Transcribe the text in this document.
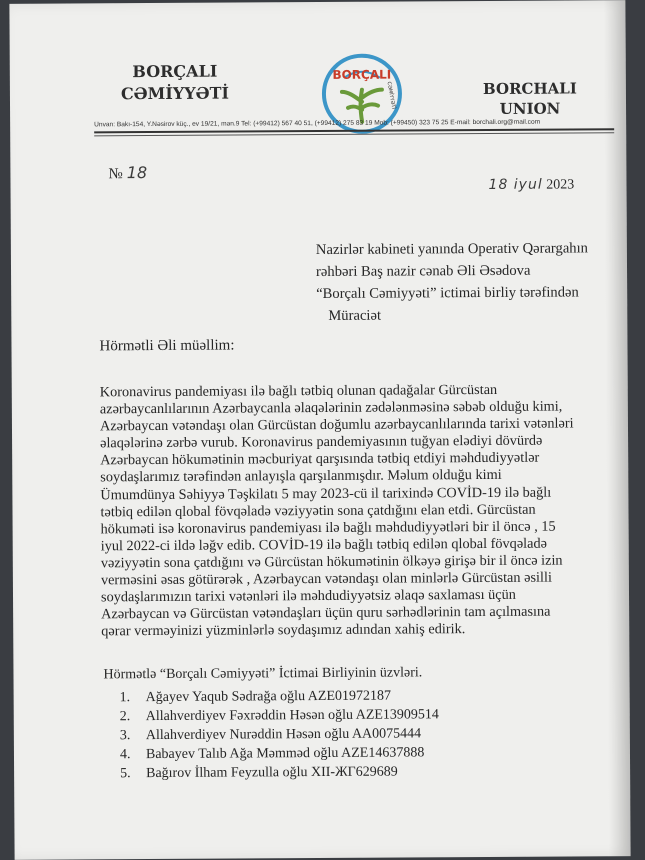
BORÇALI
CƏMİYYƏTİ
BORÇALI
CƏMİYYƏTİ	BORCHALI
UNION
Ünvan: Bakı-154, Y.Nəsirov küç., ev 19/21, mən.9 Tel: (+99412) 567 40 51, (+99412) 275 83 19 Mob: (+99450) 323 75 25 E-mail: borchali.org@mail.com
№ 18
18 iyul 2023
Nazirlər kabineti yanında Operativ Qərargahın
rəhbəri Baş nazir cənab Əli Əsədova
“Borçalı Cəmiyyəti” ictimai birliy tərəfindən
Müraciət
Hörmətli Əli müəllim:
Koronavirus pandemiyası ilə bağlı tətbiq olunan qadağalar Gürcüstan
azərbaycanlılarının Azərbaycanla əlaqələrinin zədələnməsinə səbəb olduğu kimi,
Azərbaycan vətəndaşı olan Gürcüstan doğumlu azərbaycanlılarında tarixi vətənləri
əlaqələrinə zərbə vurub. Koronavirus pandemiyasının tuğyan elədiyi dövürdə
Azərbaycan hökumətinin məcburiyat qarşısında tətbiq etdiyi məhdudiyyətlər
soydaşlarımız tərəfindən anlayışla qarşılanmışdır. Məlum olduğu kimi
Ümumdünya Səhiyyə Təşkilatı 5 may 2023-cü il tarixində COVİD-19 ilə bağlı
tətbiq edilən qlobal fövqəladə vəziyyətin sona çatdığını elan etdi. Gürcüstan
hökuməti isə koronavirus pandemiyası ilə bağlı məhdudiyyətləri bir il öncə , 15
iyul 2022-ci ildə ləğv edib. COVİD-19 ilə bağlı tətbiq edilən qlobal fövqəladə
vəziyyətin sona çatdığını və Gürcüstan hökumətinin ölkəyə girişə bir il öncə izin
verməsini əsas götürərək , Azərbaycan vətəndaşı olan minlərlə Gürcüstan əsilli
soydaşlarımızın tarixi vətənləri ilə məhdudiyyətsiz əlaqə saxlaması üçün
Azərbaycan və Gürcüstan vətəndaşları üçün quru sərhədlərinin tam açılmasına
qərar verməyinizi yüzminlərlə soydaşımız adından xahiş edirik.
Hörmətlə “Borçalı Cəmiyyəti” İctimai Birliyinin üzvləri.
1. Ağayev Yaqub Sədrağa oğlu AZE01972187
2. Allahverdiyev Fəxrəddin Həsən oğlu AZE13909514
3. Allahverdiyev Nurəddin Həsən oğlu AA0075444
4. Babayev Talıb Ağa Məmməd oğlu AZE14637888
5. Bağırov İlham Feyzulla oğlu XII-ЖГ629689
